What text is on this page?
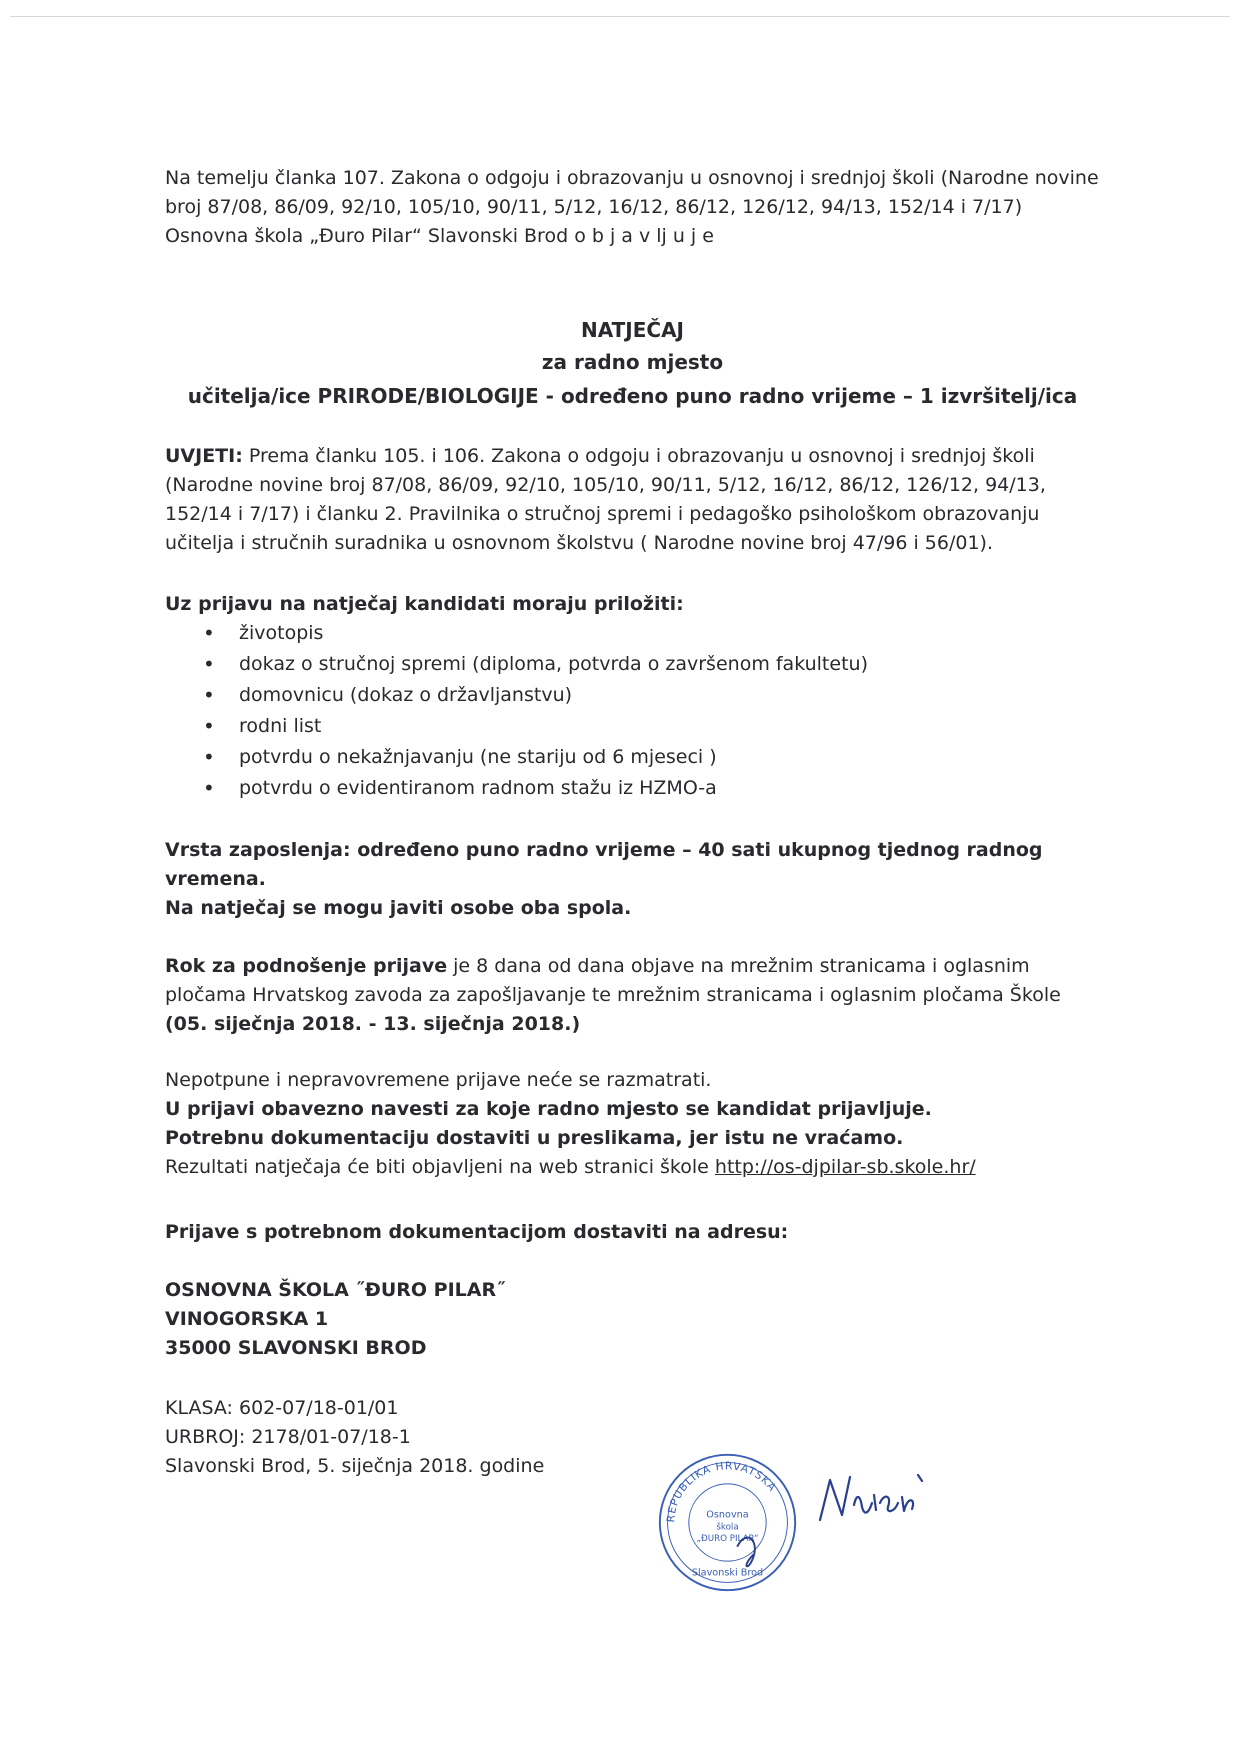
Na temelju članka 107. Zakona o odgoju i obrazovanju u osnovnoj i srednjoj školi (Narodne novine broj 87/08, 86/09, 92/10, 105/10, 90/11, 5/12, 16/12, 86/12, 126/12, 94/13, 152/14 i 7/17) Osnovna škola „Đuro Pilar“ Slavonski Brod o b j a v lj u j e
NATJEČAJ
za radno mjesto
učitelja/ice PRIRODE/BIOLOGIJE - određeno puno radno vrijeme – 1 izvršitelj/ica
UVJETI: Prema članku 105. i 106. Zakona o odgoju i obrazovanju u osnovnoj i srednjoj školi (Narodne novine broj 87/08, 86/09, 92/10, 105/10, 90/11, 5/12, 16/12, 86/12, 126/12, 94/13, 152/14 i 7/17) i članku 2. Pravilnika o stručnoj spremi i pedagoško psihološkom obrazovanju učitelja i stručnih suradnika u osnovnom školstvu ( Narodne novine broj 47/96 i 56/01).
Uz prijavu na natječaj kandidati moraju priložiti:
• životopis
• dokaz o stručnoj spremi (diploma, potvrda o završenom fakultetu)
• domovnicu (dokaz o državljanstvu)
• rodni list
• potvrdu o nekažnjavanju (ne stariju od 6 mjeseci )
• potvrdu o evidentiranom radnom stažu iz HZMO-a
Vrsta zaposlenja: određeno puno radno vrijeme – 40 sati ukupnog tjednog radnog vremena.
Na natječaj se mogu javiti osobe oba spola.
Rok za podnošenje prijave je 8 dana od dana objave na mrežnim stranicama i oglasnim pločama Hrvatskog zavoda za zapošljavanje te mrežnim stranicama i oglasnim pločama Škole (05. siječnja 2018. - 13. siječnja 2018.)
Nepotpune i nepravovremene prijave neće se razmatrati.
U prijavi obavezno navesti za koje radno mjesto se kandidat prijavljuje.
Potrebnu dokumentaciju dostaviti u preslikama, jer istu ne vraćamo.
Rezultati natječaja će biti objavljeni na web stranici škole http://os-djpilar-sb.skole.hr/
Prijave s potrebnom dokumentacijom dostaviti na adresu:
OSNOVNA ŠKOLA ˝ĐURO PILAR˝
VINOGORSKA 1
35000 SLAVONSKI BROD
KLASA: 602-07/18-01/01
URBROJ: 2178/01-07/18-1
Slavonski Brod, 5. siječnja 2018. godine
REPUBLIKA HRVATSKA
Osnovna
škola
„ĐURO PILAR“
Slavonski Brod
